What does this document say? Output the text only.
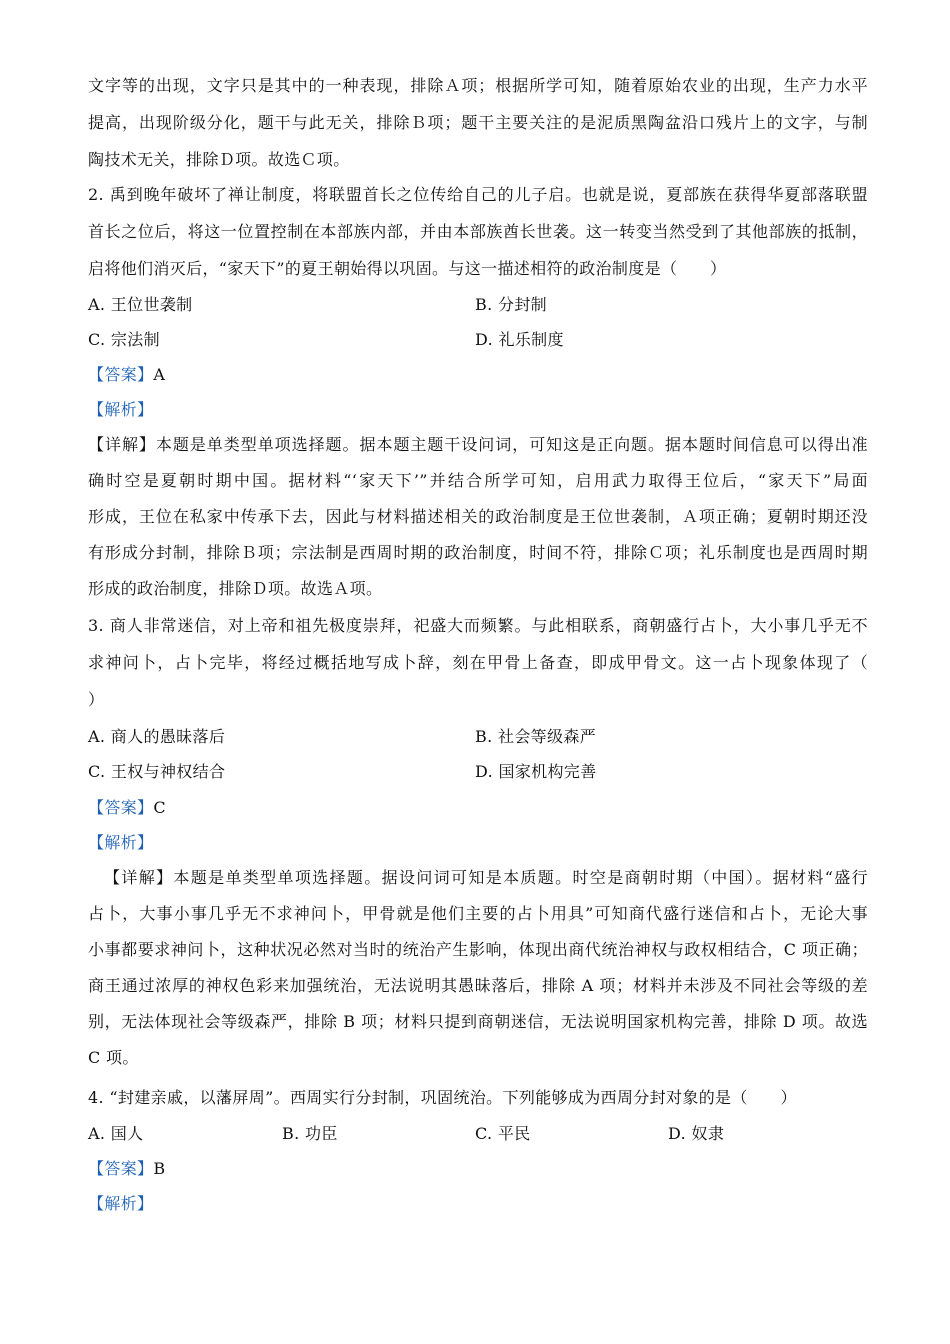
文字等的出现，文字只是其中的一种表现，排除Ａ项；根据所学可知，随着原始农业的出现，生产力水平
提高，出现阶级分化，题干与此无关，排除Ｂ项；题干主要关注的是泥质黑陶盆沿口残片上的文字，与制
陶技术无关，排除Ｄ项。故选Ｃ项。
2. 禹到晚年破坏了禅让制度，将联盟首长之位传给自己的儿子启。也就是说，夏部族在获得华夏部落联盟
首长之位后，将这一位置控制在本部族内部，并由本部族酋长世袭。这一转变当然受到了其他部族的抵制，
启将他们消灭后，“家天下”的夏王朝始得以巩固。与这一描述相符的政治制度是（　　）
A. 王位世袭制	B. 分封制
C. 宗法制	D. 礼乐制度
【答案】A
【解析】
【详解】本题是单类型单项选择题。据本题主题干设问词，可知这是正向题。据本题时间信息可以得出准
确时空是夏朝时期中国。据材料“‘家天下’”并结合所学可知，启用武力取得王位后，“家天下”局面
形成，王位在私家中传承下去，因此与材料描述相关的政治制度是王位世袭制，Ａ项正确；夏朝时期还没
有形成分封制，排除Ｂ项；宗法制是西周时期的政治制度，时间不符，排除Ｃ项；礼乐制度也是西周时期
形成的政治制度，排除Ｄ项。故选Ａ项。
3. 商人非常迷信，对上帝和祖先极度崇拜，祀盛大而频繁。与此相联系，商朝盛行占卜，大小事几乎无不
求神问卜，占卜完毕，将经过概括地写成卜辞，刻在甲骨上备查，即成甲骨文。这一占卜现象体现了（
）
A. 商人的愚昧落后	B. 社会等级森严
C. 王权与神权结合	D. 国家机构完善
【答案】C
【解析】
【详解】本题是单类型单项选择题。据设问词可知是本质题。时空是商朝时期（中国）。据材料“盛行
占卜，大事小事几乎无不求神问卜，甲骨就是他们主要的占卜用具”可知商代盛行迷信和占卜，无论大事
小事都要求神问卜，这种状况必然对当时的统治产生影响，体现出商代统治神权与政权相结合，C 项正确；
商王通过浓厚的神权色彩来加强统治，无法说明其愚昧落后，排除 A 项；材料并未涉及不同社会等级的差
别，无法体现社会等级森严，排除 B 项；材料只提到商朝迷信，无法说明国家机构完善，排除 D 项。故选
C 项。
4. “封建亲戚，以藩屏周”。西周实行分封制，巩固统治。下列能够成为西周分封对象的是（　　）
A. 国人	B. 功臣	C. 平民	D. 奴隶
【答案】B
【解析】
